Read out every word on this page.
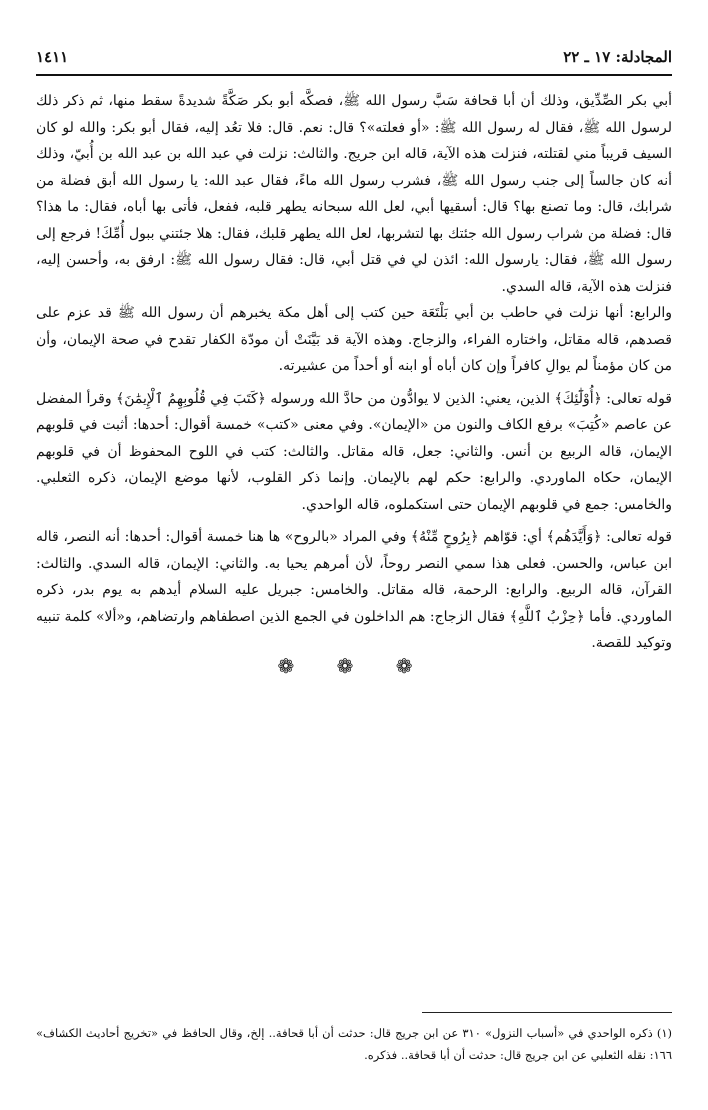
المجادلة: ١٧ ـ ٢٢
١٤١١

أبي بكر الصِّدِّيق، وذلك أن أبا قحافة سَبَّ رسول الله ﷺ، فصكَّه أبو بكر صَكَّةً شديدةً سقط منها، ثم ذكر ذلك لرسول الله ﷺ، فقال له رسول الله ﷺ: «أو فعلته»؟ قال: نعم. قال: فلا تعُد إليه، فقال أبو بكر: والله لو كان السيف قريباً مني لقتلته، فنزلت هذه الآية، قاله ابن جريج. والثالث: نزلت في عبد الله بن عبد الله بن أُبيّ، وذلك أنه كان جالساً إلى جنب رسول الله ﷺ، فشرب رسول الله ماءً، فقال عبد الله: يا رسول الله أبق فضلة من شرابك، قال: وما تصنع بها؟ قال: أسقيها أبي، لعل الله سبحانه يطهر قلبه، ففعل، فأتى بها أباه، فقال: ما هذا؟ قال: فضلة من شراب رسول الله جئتك بها لتشربها، لعل الله يطهر قلبك، فقال: هلا جئتني ببول أُمِّكَ! فرجع إلى رسول الله ﷺ، فقال: يارسول الله: ائذن لي في قتل أبي، قال: فقال رسول الله ﷺ: ارفق به، وأحسن إليه، فنزلت هذه الآية، قاله السدي.

والرابع: أنها نزلت في حاطب بن أبي بَلْتَعَة حين كتب إلى أهل مكة يخبرهم أن رسول الله ﷺ قد عزم على قصدهم، قاله مقاتل، واختاره الفراء، والزجاج. وهذه الآية قد بَيَّنَتْ أن مودّة الكفار تقدح في صحة الإيمان، وأن من كان مؤمناً لم يوالِ كافراً وإن كان أباه أو ابنه أو أحداً من عشيرته.

قوله تعالى: ﴿أُوْلَٰٓئِكَ﴾ الذين، يعني: الذين لا يوادُّون من حادَّ الله ورسوله ﴿كَتَبَ فِي قُلُوبِهِمُ ٱلْإِيمَٰنَ﴾ وقرأ المفضل عن عاصم «كُتِبَ» برفع الكاف والنون من «الإيمان». وفي معنى «كتب» خمسة أقوال: أحدها: أثبت في قلوبهم الإيمان، قاله الربيع بن أنس. والثاني: جعل، قاله مقاتل. والثالث: كتب في اللوح المحفوظ أن في قلوبهم الإيمان، حكاه الماوردي. والرابع: حكم لهم بالإيمان. وإنما ذكر القلوب، لأنها موضع الإيمان، ذكره الثعلبي. والخامس: جمع في قلوبهم الإيمان حتى استكملوه، قاله الواحدي.

قوله تعالى: ﴿وَأَيَّدَهُم﴾ أي: قوّاهم ﴿بِرُوحٍ مِّنْهُ﴾ وفي المراد «بالروح» ها هنا خمسة أقوال: أحدها: أنه النصر، قاله ابن عباس، والحسن. فعلى هذا سمي النصر روحاً، لأن أمرهم يحيا به. والثاني: الإيمان، قاله السدي. والثالث: القرآن، قاله الربيع. والرابع: الرحمة، قاله مقاتل. والخامس: جبريل عليه السلام أيدهم به يوم بدر، ذكره الماوردي. فأما ﴿حِزْبُ ٱللَّهِ﴾ فقال الزجاج: هم الداخلون في الجمع الذين اصطفاهم وارتضاهم، و«ألا» كلمة تنبيه وتوكيد للقصة.

❁ ❁ ❁
(١) ذكره الواحدي في «أسباب النزول» ٣١٠ عن ابن جريج قال: حدثت أن أبا قحافة.. إلخ، وقال الحافظ في «تخريج أحاديث الكشاف» ١٦٦: نقله الثعلبي عن ابن جريج قال: حدثت أن أبا قحافة.. فذكره.
